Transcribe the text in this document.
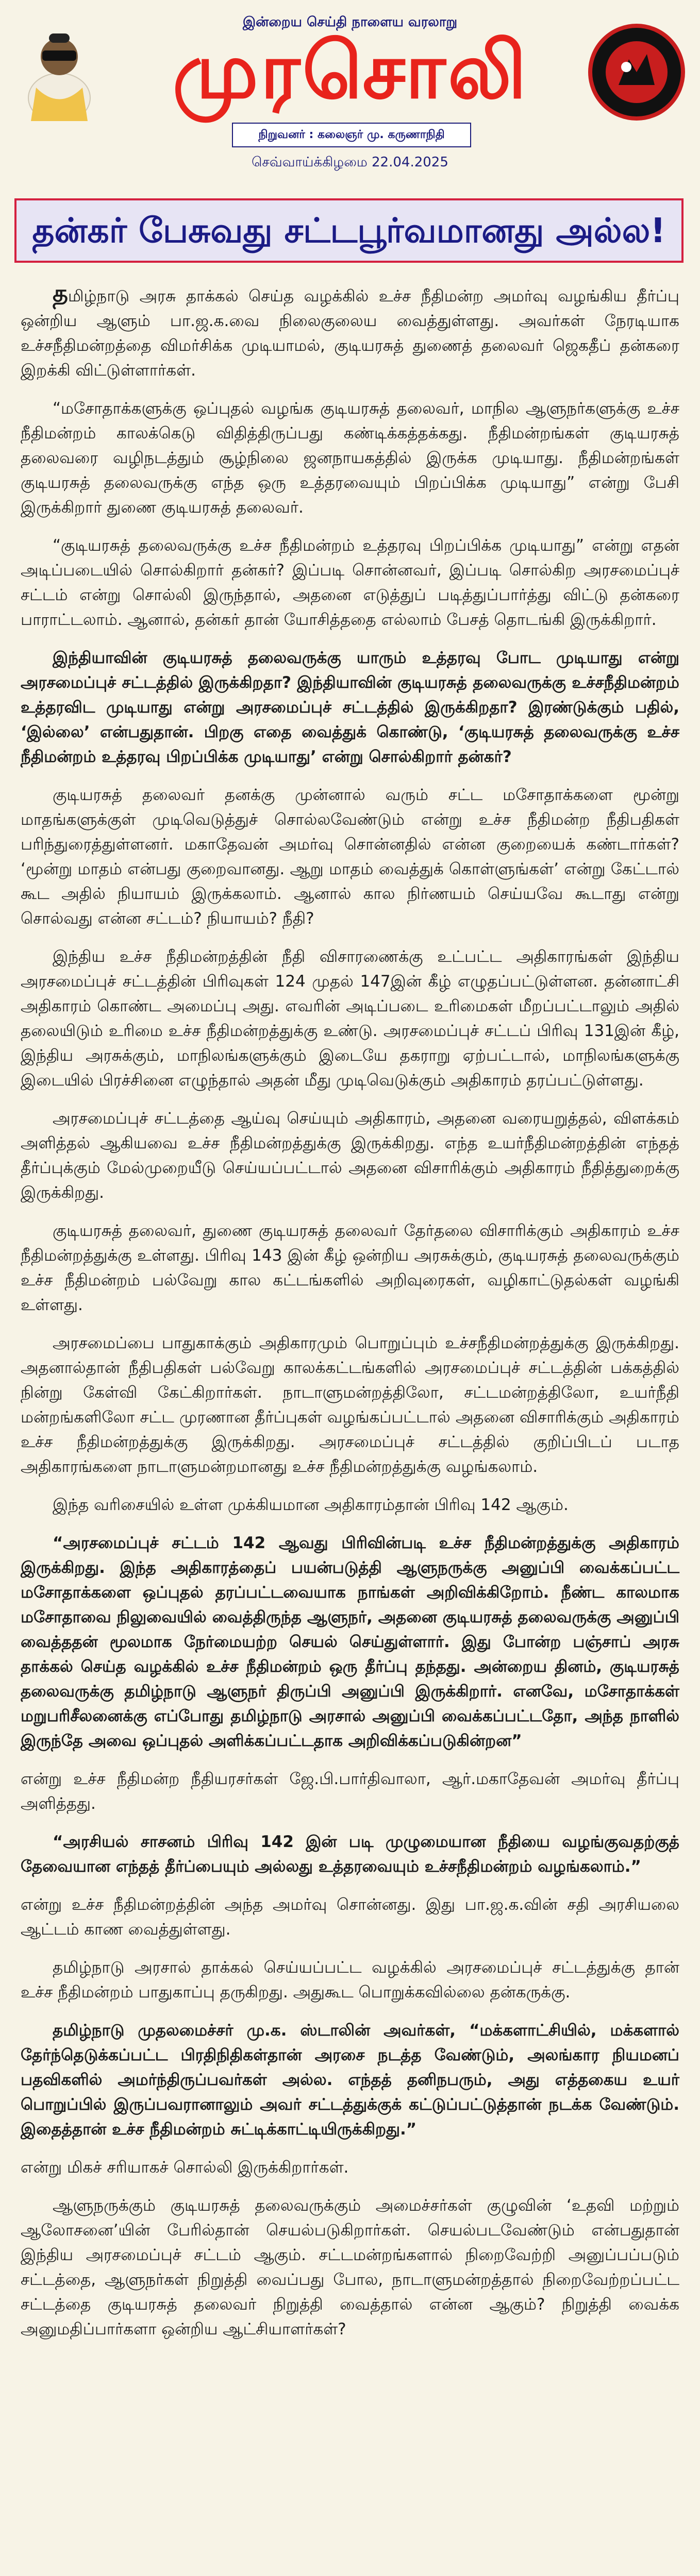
இன்றைய செய்தி நாளைய வரலாறு
முரசொலி
நிறுவனர் : கலைஞர் மு. கருணாநிதி
செவ்வாய்க்கிழமை 22.04.2025
தன்கர் பேசுவது சட்டபூர்வமானது அல்ல!

தமிழ்நாடு அரசு தாக்கல் செய்த வழக்கில் உச்ச நீதிமன்ற அமர்வு வழங்கிய தீர்ப்பு ஒன்றிய ஆளும் பா.ஜ.க.வை நிலைகுலைய வைத்துள்ளது. அவர்கள் நேரடியாக உச்சநீதிமன்றத்தை விமர்சிக்க முடியாமல், குடியரசுத் துணைத் தலைவர் ஜெகதீப் தன்கரை இறக்கி விட்டுள்ளார்கள்.

“மசோதாக்களுக்கு ஒப்புதல் வழங்க குடியரசுத் தலைவர், மாநில ஆளுநர்களுக்கு உச்ச நீதிமன்றம் காலக்கெடு விதித்திருப்பது கண்டிக்கத்தக்கது. நீதிமன்றங்கள் குடியரசுத் தலைவரை வழிநடத்தும் சூழ்நிலை ஜனநாயகத்தில் இருக்க முடியாது. நீதிமன்றங்கள் குடியரசுத் தலைவருக்கு எந்த ஒரு உத்தரவையும் பிறப்பிக்க முடியாது” என்று பேசி இருக்கிறார் துணை குடியரசுத் தலைவர்.

“குடியரசுத் தலைவருக்கு உச்ச நீதிமன்றம் உத்தரவு பிறப்பிக்க முடியாது” என்று எதன் அடிப்படையில் சொல்கிறார் தன்கர்? இப்படி சொன்னவர், இப்படி சொல்கிற அரசமைப்புச் சட்டம் என்று சொல்லி இருந்தால், அதனை எடுத்துப் படித்துப்பார்த்து விட்டு தன்கரை பாராட்டலாம். ஆனால், தன்கர் தான் யோசித்ததை எல்லாம் பேசத் தொடங்கி இருக்கிறார்.

இந்தியாவின் குடியரசுத் தலைவருக்கு யாரும் உத்தரவு போட முடியாது என்று அரசமைப்புச் சட்டத்தில் இருக்கிறதா? இந்தியாவின் குடியரசுத் தலைவருக்கு உச்சநீதிமன்றம் உத்தரவிட முடியாது என்று அரசமைப்புச் சட்டத்தில் இருக்கிறதா? இரண்டுக்கும் பதில், ‘இல்லை’ என்பதுதான். பிறகு எதை வைத்துக் கொண்டு, ‘குடியரசுத் தலைவருக்கு உச்ச நீதிமன்றம் உத்தரவு பிறப்பிக்க முடியாது’ என்று சொல்கிறார் தன்கர்?

குடியரசுத் தலைவர் தனக்கு முன்னால் வரும் சட்ட மசோதாக்களை மூன்று மாதங்களுக்குள் முடிவெடுத்துச் சொல்லவேண்டும் என்று உச்ச நீதிமன்ற நீதிபதிகள் பரிந்துரைத்துள்ளனர். மகாதேவன் அமர்வு சொன்னதில் என்ன குறையைக் கண்டார்கள்? ‘மூன்று மாதம் என்பது குறைவானது. ஆறு மாதம் வைத்துக் கொள்ளுங்கள்’ என்று கேட்டால் கூட அதில் நியாயம் இருக்கலாம். ஆனால் கால நிர்ணயம் செய்யவே கூடாது என்று சொல்வது என்ன சட்டம்? நியாயம்? நீதி?

இந்திய உச்ச நீதிமன்றத்தின் நீதி விசாரணைக்கு உட்பட்ட அதிகாரங்கள் இந்திய அரசமைப்புச் சட்டத்தின் பிரிவுகள் 124 முதல் 147இன் கீழ் எழுதப்பட்டுள்ளன. தன்னாட்சி அதிகாரம் கொண்ட அமைப்பு அது. எவரின் அடிப்படை உரிமைகள் மீறப்பட்டாலும் அதில் தலையிடும் உரிமை உச்ச நீதிமன்றத்துக்கு உண்டு. அரசமைப்புச் சட்டப் பிரிவு 131இன் கீழ், இந்திய அரசுக்கும், மாநிலங்களுக்கும் இடையே தகராறு ஏற்பட்டால், மாநிலங்களுக்கு இடையில் பிரச்சினை எழுந்தால் அதன் மீது முடிவெடுக்கும் அதிகாரம் தரப்பட்டுள்ளது.

அரசமைப்புச் சட்டத்தை ஆய்வு செய்யும் அதிகாரம், அதனை வரையறுத்தல், விளக்கம் அளித்தல் ஆகியவை உச்ச நீதிமன்றத்துக்கு இருக்கிறது. எந்த உயர்நீதிமன்றத்தின் எந்தத் தீர்ப்புக்கும் மேல்முறையீடு செய்யப்பட்டால் அதனை விசாரிக்கும் அதிகாரம் நீதித்துறைக்கு இருக்கிறது.

குடியரசுத் தலைவர், துணை குடியரசுத் தலைவர் தேர்தலை விசாரிக்கும் அதிகாரம் உச்ச நீதிமன்றத்துக்கு உள்ளது. பிரிவு 143 இன் கீழ் ஒன்றிய அரசுக்கும், குடியரசுத் தலைவருக்கும் உச்ச நீதிமன்றம் பல்வேறு கால கட்டங்களில் அறிவுரைகள், வழிகாட்டுதல்கள் வழங்கி உள்ளது.

அரசமைப்பை பாதுகாக்கும் அதிகாரமும் பொறுப்பும் உச்சநீதிமன்றத்துக்கு இருக்கிறது. அதனால்தான் நீதிபதிகள் பல்வேறு காலக்கட்டங்களில் அரசமைப்புச் சட்டத்தின் பக்கத்தில் நின்று கேள்வி கேட்கிறார்கள். நாடாளுமன்றத்திலோ, சட்டமன்றத்திலோ, உயர்நீதி மன்றங்களிலோ சட்ட முரணான தீர்ப்புகள் வழங்கப்பட்டால் அதனை விசாரிக்கும் அதிகாரம் உச்ச நீதிமன்றத்துக்கு இருக்கிறது. அரசமைப்புச் சட்டத்தில் குறிப்பிடப் படாத அதிகாரங்களை நாடாளுமன்றமானது உச்ச நீதிமன்றத்துக்கு வழங்கலாம்.

இந்த வரிசையில் உள்ள முக்கியமான அதிகாரம்தான் பிரிவு 142 ஆகும்.

“அரசமைப்புச் சட்டம் 142 ஆவது பிரிவின்படி உச்ச நீதிமன்றத்துக்கு அதிகாரம் இருக்கிறது. இந்த அதிகாரத்தைப் பயன்படுத்தி ஆளுநருக்கு அனுப்பி வைக்கப்பட்ட மசோதாக்களை ஒப்புதல் தரப்பட்டவையாக நாங்கள் அறிவிக்கிறோம். நீண்ட காலமாக மசோதாவை நிலுவையில் வைத்திருந்த ஆளுநர், அதனை குடியரசுத் தலைவருக்கு அனுப்பி வைத்ததன் மூலமாக நேர்மையற்ற செயல் செய்துள்ளார். இது போன்ற பஞ்சாப் அரசு தாக்கல் செய்த வழக்கில் உச்ச நீதிமன்றம் ஒரு தீர்ப்பு தந்தது. அன்றைய தினம், குடியரசுத் தலைவருக்கு தமிழ்நாடு ஆளுநர் திருப்பி அனுப்பி இருக்கிறார். எனவே, மசோதாக்கள் மறுபரிசீலனைக்கு எப்போது தமிழ்நாடு அரசால் அனுப்பி வைக்கப்பட்டதோ, அந்த நாளில் இருந்தே அவை ஒப்புதல் அளிக்கப்பட்டதாக அறிவிக்கப்படுகின்றன”

என்று உச்ச நீதிமன்ற நீதியரசர்கள் ஜே.பி.பார்திவாலா, ஆர்.மகாதேவன் அமர்வு தீர்ப்பு அளித்தது.

“அரசியல் சாசனம் பிரிவு 142 இன் படி முழுமையான நீதியை வழங்குவதற்குத் தேவையான எந்தத் தீர்ப்பையும் அல்லது உத்தரவையும் உச்சநீதிமன்றம் வழங்கலாம்.”

என்று உச்ச நீதிமன்றத்தின் அந்த அமர்வு சொன்னது. இது பா.ஜ.க.வின் சதி அரசியலை ஆட்டம் காண வைத்துள்ளது.

தமிழ்நாடு அரசால் தாக்கல் செய்யப்பட்ட வழக்கில் அரசமைப்புச் சட்டத்துக்கு தான் உச்ச நீதிமன்றம் பாதுகாப்பு தருகிறது. அதுகூட பொறுக்கவில்லை தன்கருக்கு.

தமிழ்நாடு முதலமைச்சர் மு.க. ஸ்டாலின் அவர்கள், “மக்களாட்சியில், மக்களால் தேர்ந்தெடுக்கப்பட்ட பிரதிநிதிகள்தான் அரசை நடத்த வேண்டும், அலங்கார நியமனப் பதவிகளில் அமர்ந்திருப்பவர்கள் அல்ல. எந்தத் தனிநபரும், அது எத்தகைய உயர் பொறுப்பில் இருப்பவரானாலும் அவர் சட்டத்துக்குக் கட்டுப்பட்டுத்தான் நடக்க வேண்டும். இதைத்தான் உச்ச நீதிமன்றம் சுட்டிக்காட்டியிருக்கிறது.”

என்று மிகச் சரியாகச் சொல்லி இருக்கிறார்கள்.

ஆளுநருக்கும் குடியரசுத் தலைவருக்கும் அமைச்சர்கள் குழுவின் ‘உதவி மற்றும் ஆலோசனை’யின் பேரில்தான் செயல்படுகிறார்கள். செயல்படவேண்டும் என்பதுதான் இந்திய அரசமைப்புச் சட்டம் ஆகும். சட்டமன்றங்களால் நிறைவேற்றி அனுப்பப்படும் சட்டத்தை, ஆளுநர்கள் நிறுத்தி வைப்பது போல, நாடாளுமன்றத்தால் நிறைவேற்றப்பட்ட சட்டத்தை குடியரசுத் தலைவர் நிறுத்தி வைத்தால் என்ன ஆகும்? நிறுத்தி வைக்க அனுமதிப்பார்களா ஒன்றிய ஆட்சியாளர்கள்?
